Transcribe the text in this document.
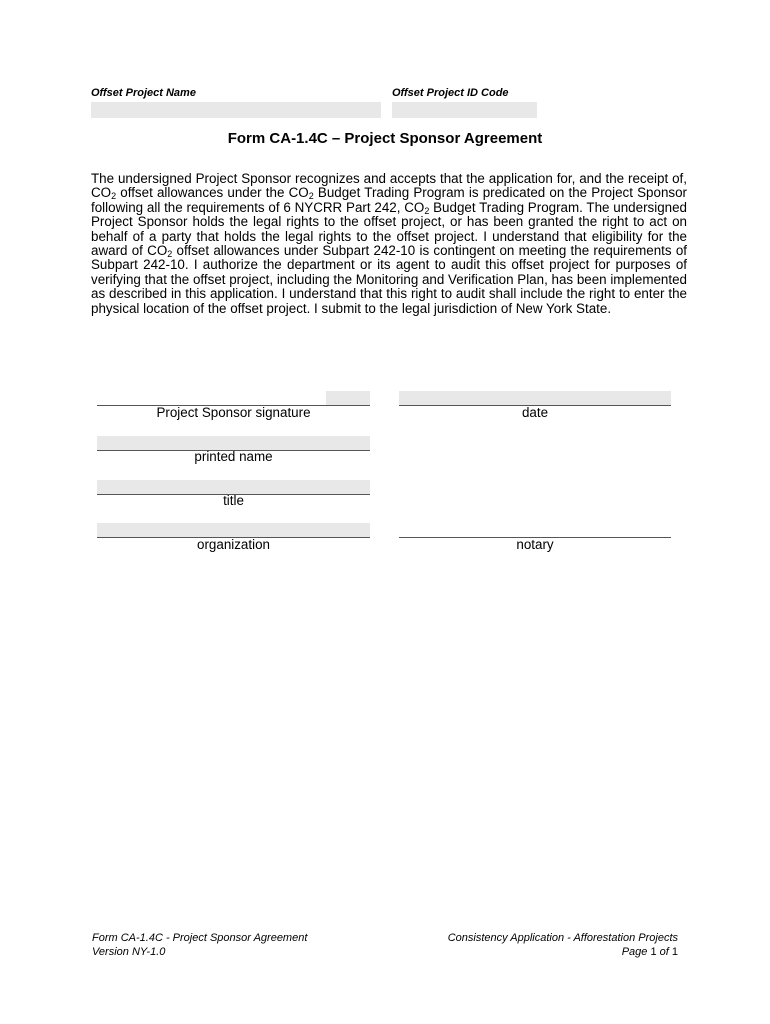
Offset Project Name	Offset Project ID Code
Form CA-1.4C – Project Sponsor Agreement
The undersigned Project Sponsor recognizes and accepts that the application for, and the receipt of, $CO_2$ offset allowances under the $CO_2$ Budget Trading Program is predicated on the Project Sponsor following all the requirements of 6 NYCRR Part 242, $CO_2$ Budget Trading Program. The undersigned Project Sponsor holds the legal rights to the offset project, or has been granted the right to act on behalf of a party that holds the legal rights to the offset project. I understand that eligibility for the award of $CO_2$ offset allowances under Subpart 242-10 is contingent on meeting the requirements of Subpart 242-10. I authorize the department or its agent to audit this offset project for purposes of verifying that the offset project, including the Monitoring and Verification Plan, has been implemented as described in this application. I understand that this right to audit shall include the right to enter the physical location of the offset project. I submit to the legal jurisdiction of New York State.
Project Sponsor signature
printed name
title
organization
date
notary
Form CA-1.4C - Project Sponsor Agreement
Version NY-1.0
Consistency Application - Afforestation Projects
Page 1 of 1
